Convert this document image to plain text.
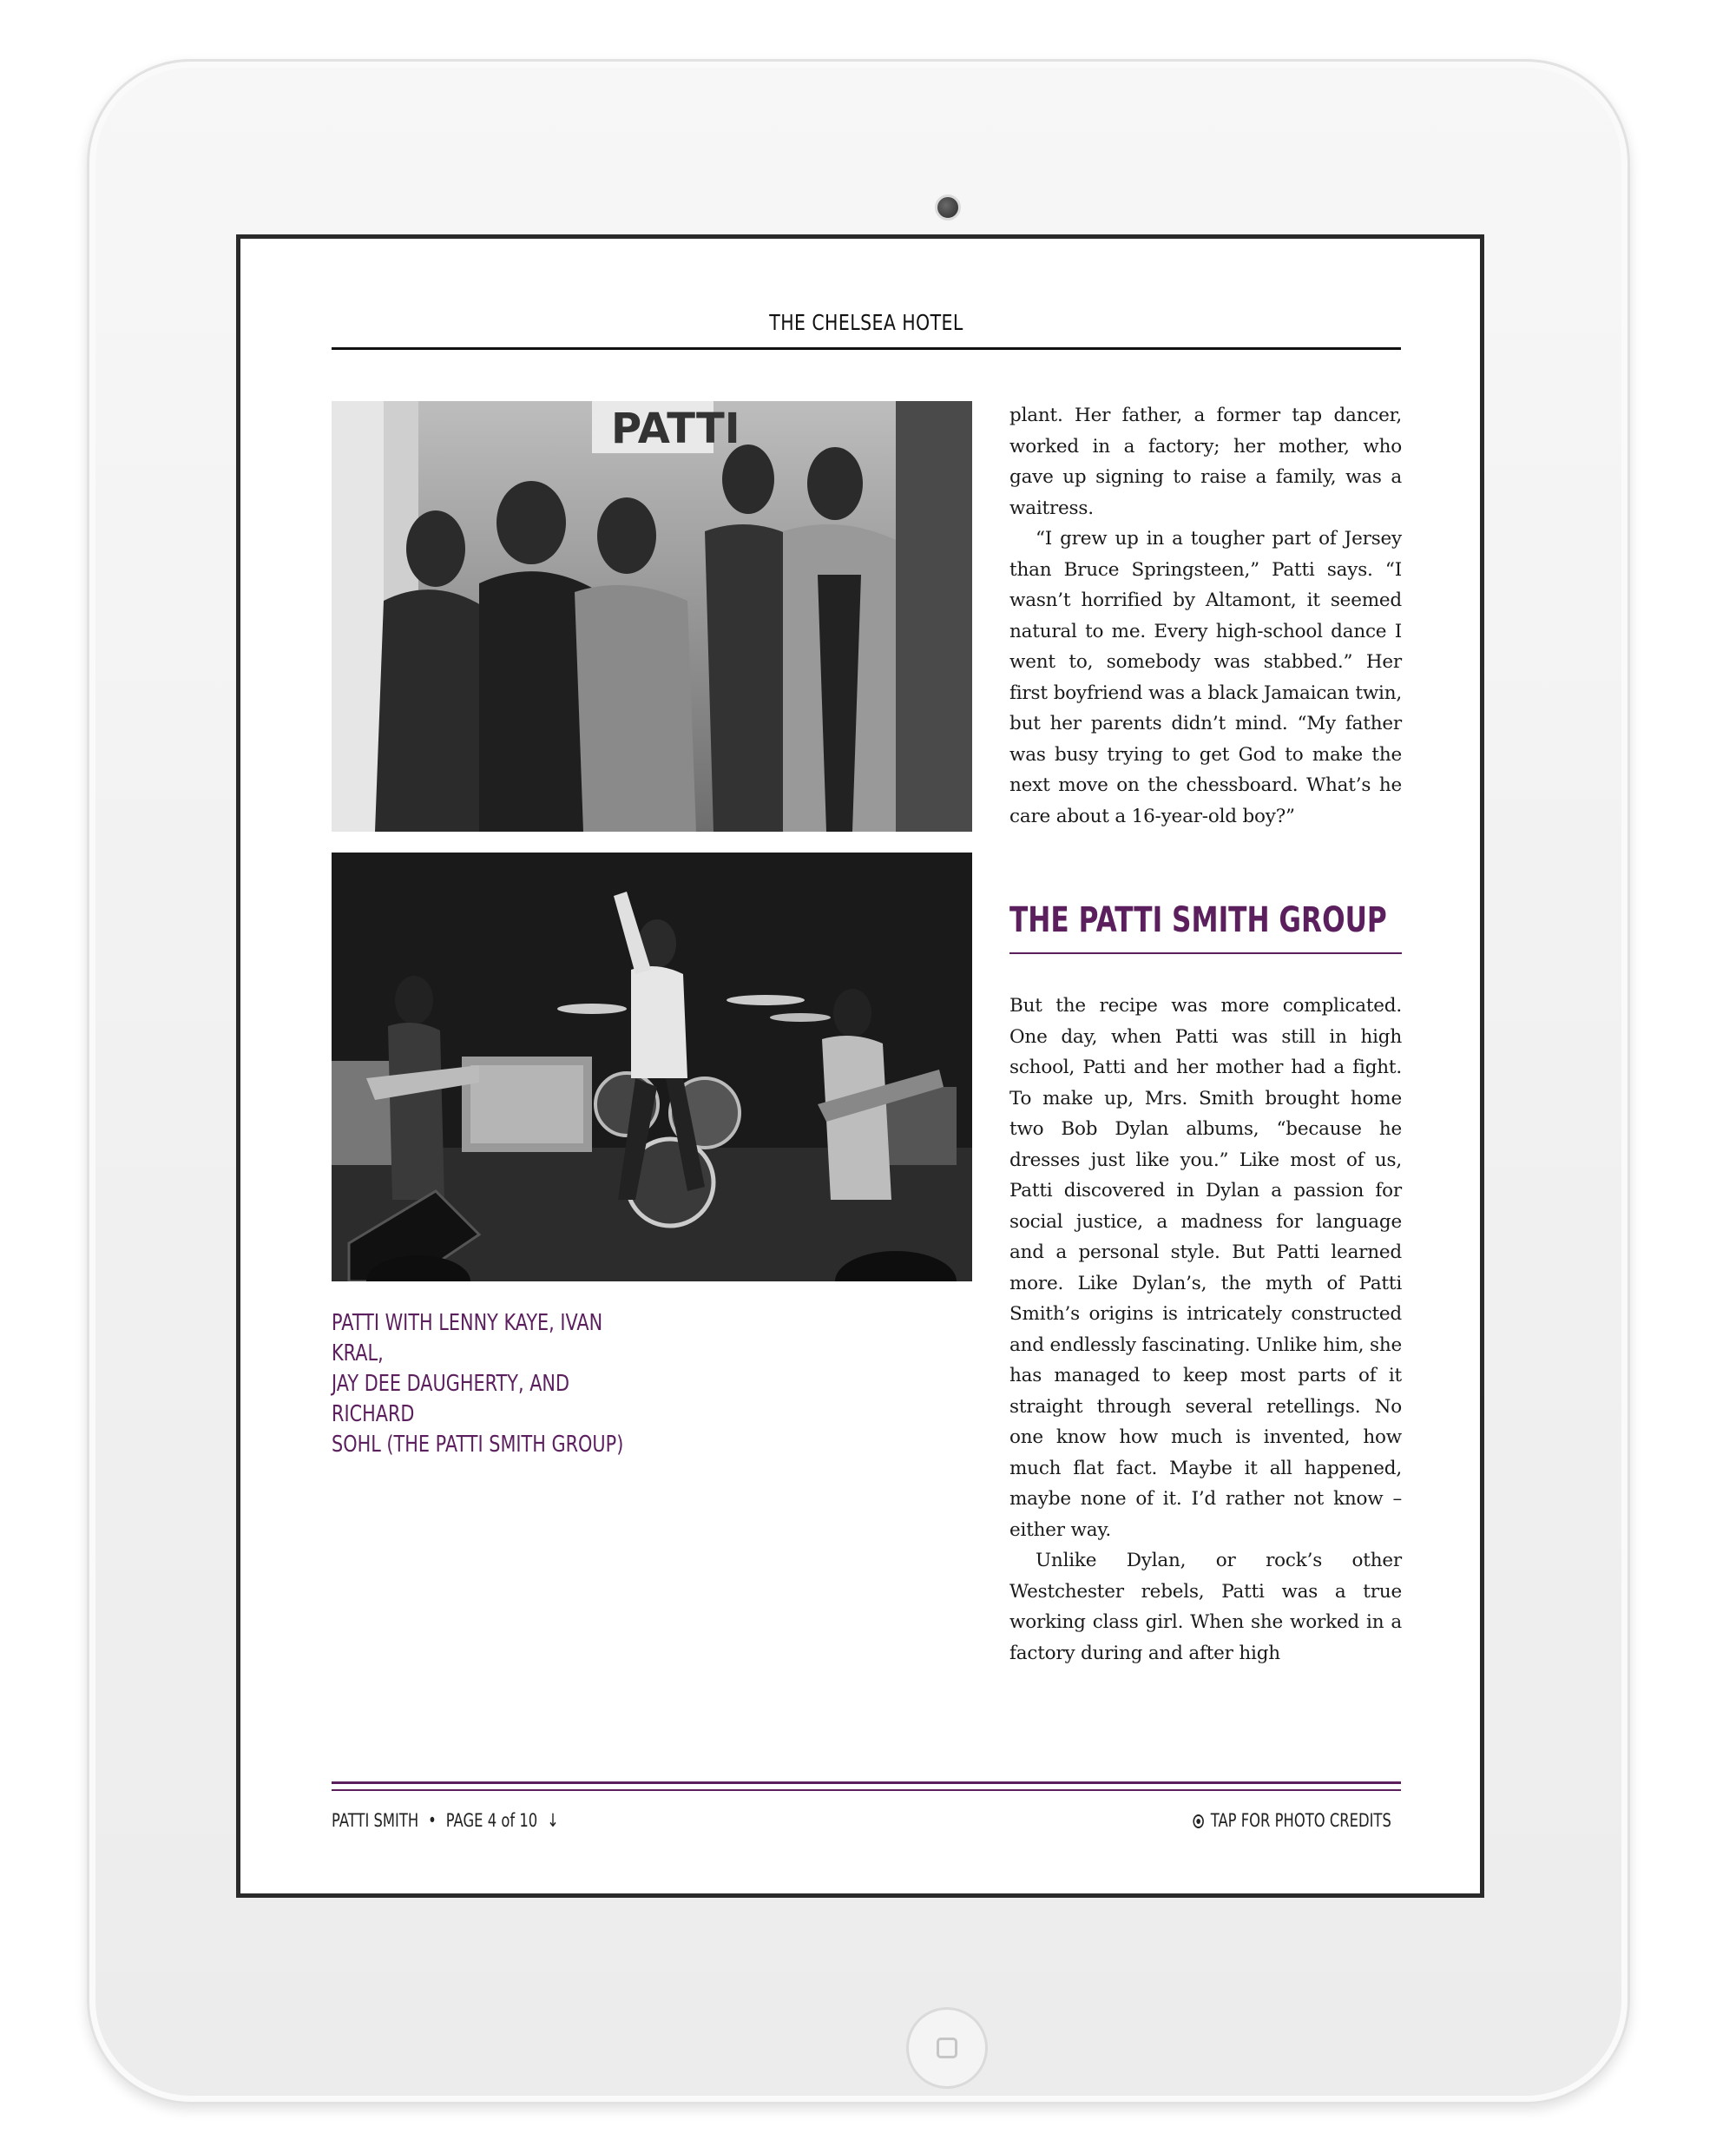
THE CHELSEA HOTEL
PATTI
PATTI WITH LENNY KAYE, IVAN KRAL,
JAY DEE DAUGHERTY, AND RICHARD
SOHL (THE PATTI SMITH GROUP)

plant. Her father, a former tap dancer, worked in a factory; her mother, who gave up signing to raise a family, was a waitress.

“I grew up in a tougher part of Jersey than Bruce Springsteen,” Patti says. “I wasn’t horrified by Altamont, it seemed natural to me. Every high-school dance I went to, somebody was stabbed.” Her first boyfriend was a black Jamaican twin, but her parents didn’t mind. “My father was busy trying to get God to make the next move on the chessboard. What’s he care about a 16-year-old boy?”

THE PATTI SMITH GROUP

But the recipe was more complicated. One day, when Patti was still in high school, Patti and her mother had a fight. To make up, Mrs. Smith brought home two Bob Dylan albums, “because he dresses just like you.” Like most of us, Patti discovered in Dylan a passion for social justice, a madness for language and a personal style. But Patti learned more. Like Dylan’s, the myth of Patti Smith’s origins is intricately constructed and endlessly fascinating. Unlike him, she has managed to keep most parts of it straight through several retellings. No one know how much is invented, how much flat fact. Maybe it all happened, maybe none of it. I’d rather not know –either way.

Unlike Dylan, or rock’s other Westchester rebels, Patti was a true working class girl. When she worked in a factory during and after high

PATTI SMITH • PAGE 4 of 10 ↓	TAP FOR PHOTO CREDITS
